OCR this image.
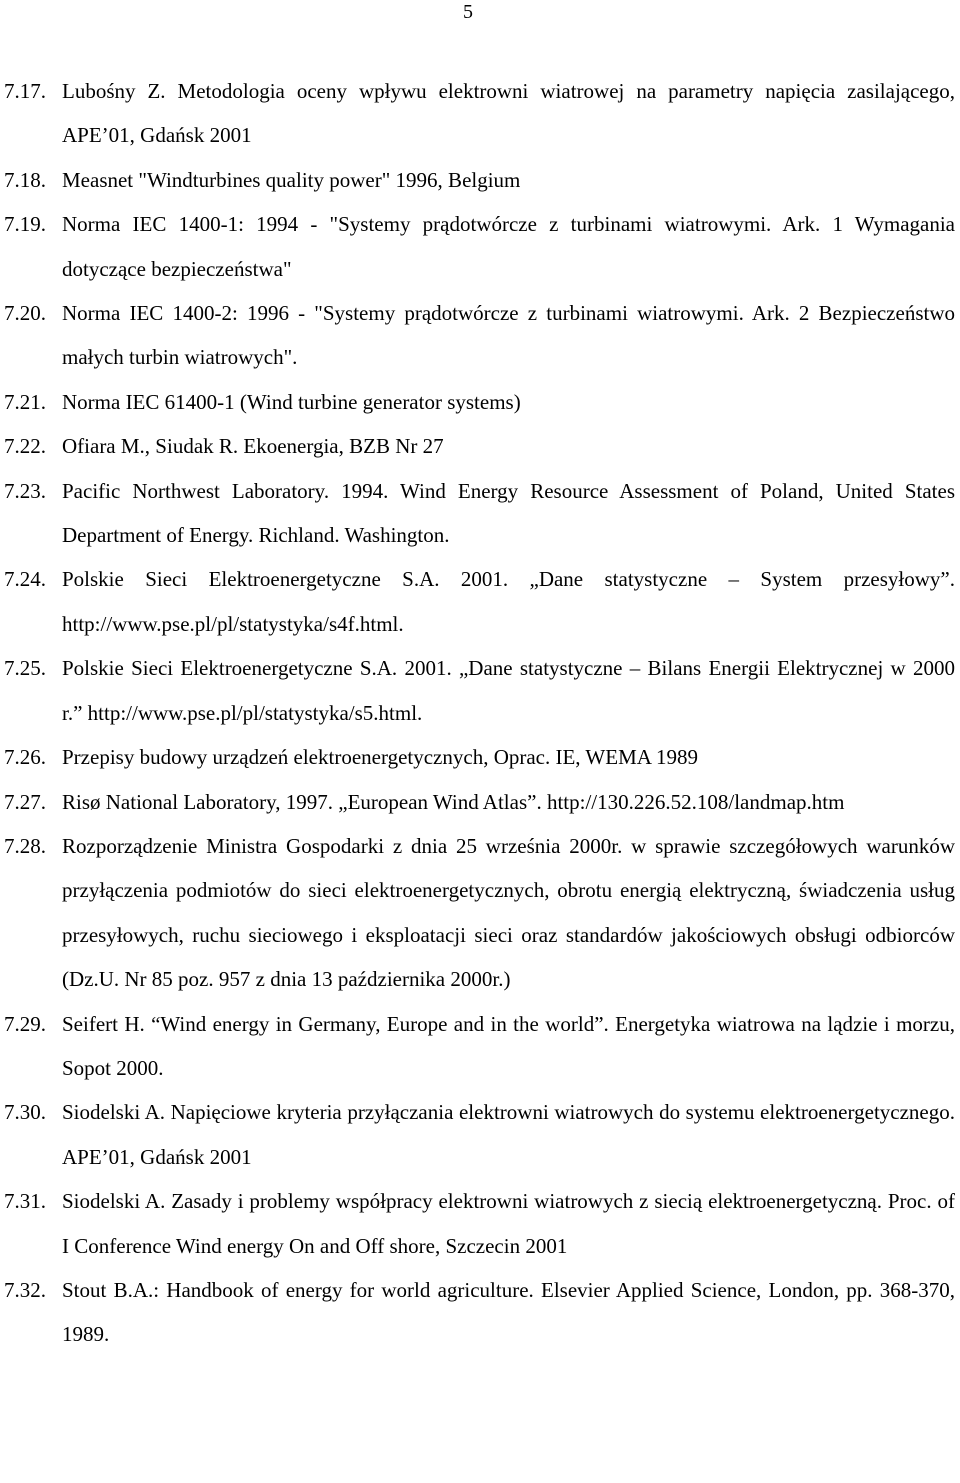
5
7.17. Lubośny Z. Metodologia oceny wpływu elektrowni wiatrowej na parametry napięcia zasilającego, APE’01, Gdańsk 2001
7.18. Measnet "Windturbines quality power" 1996, Belgium
7.19. Norma IEC 1400-1: 1994 - "Systemy prądotwórcze z turbinami wiatrowymi. Ark. 1 Wymagania dotyczące bezpieczeństwa"
7.20. Norma IEC 1400-2: 1996 - "Systemy prądotwórcze z turbinami wiatrowymi. Ark. 2 Bezpieczeństwo małych turbin wiatrowych".
7.21. Norma IEC 61400-1 (Wind turbine generator systems)
7.22. Ofiara M., Siudak R. Ekoenergia, BZB Nr 27
7.23. Pacific Northwest Laboratory. 1994. Wind Energy Resource Assessment of Poland, United States Department of Energy. Richland. Washington.
7.24. Polskie Sieci Elektroenergetyczne S.A. 2001. „Dane statystyczne – System przesyłowy”. http://www.pse.pl/pl/statystyka/s4f.html.
7.25. Polskie Sieci Elektroenergetyczne S.A. 2001. „Dane statystyczne – Bilans Energii Elektrycznej w 2000 r.” http://www.pse.pl/pl/statystyka/s5.html.
7.26. Przepisy budowy urządzeń elektroenergetycznych, Oprac. IE, WEMA 1989
7.27. Risø National Laboratory, 1997. „European Wind Atlas”. http://130.226.52.108/landmap.htm
7.28. Rozporządzenie Ministra Gospodarki z dnia 25 września 2000r. w sprawie szczegółowych warunków przyłączenia podmiotów do sieci elektroenergetycznych, obrotu energią elektryczną, świadczenia usług przesyłowych, ruchu sieciowego i eksploatacji sieci oraz standardów jakościowych obsługi odbiorców (Dz.U. Nr 85 poz. 957 z dnia 13 października 2000r.)
7.29. Seifert H. “Wind energy in Germany, Europe and in the world”. Energetyka wiatrowa na lądzie i morzu, Sopot 2000.
7.30. Siodelski A. Napięciowe kryteria przyłączania elektrowni wiatrowych do systemu elektroenergetycznego. APE’01, Gdańsk 2001
7.31. Siodelski A. Zasady i problemy współpracy elektrowni wiatrowych z siecią elektroenergetyczną. Proc. of I Conference Wind energy On and Off shore, Szczecin 2001
7.32. Stout B.A.: Handbook of energy for world agriculture. Elsevier Applied Science, London, pp. 368-370, 1989.
